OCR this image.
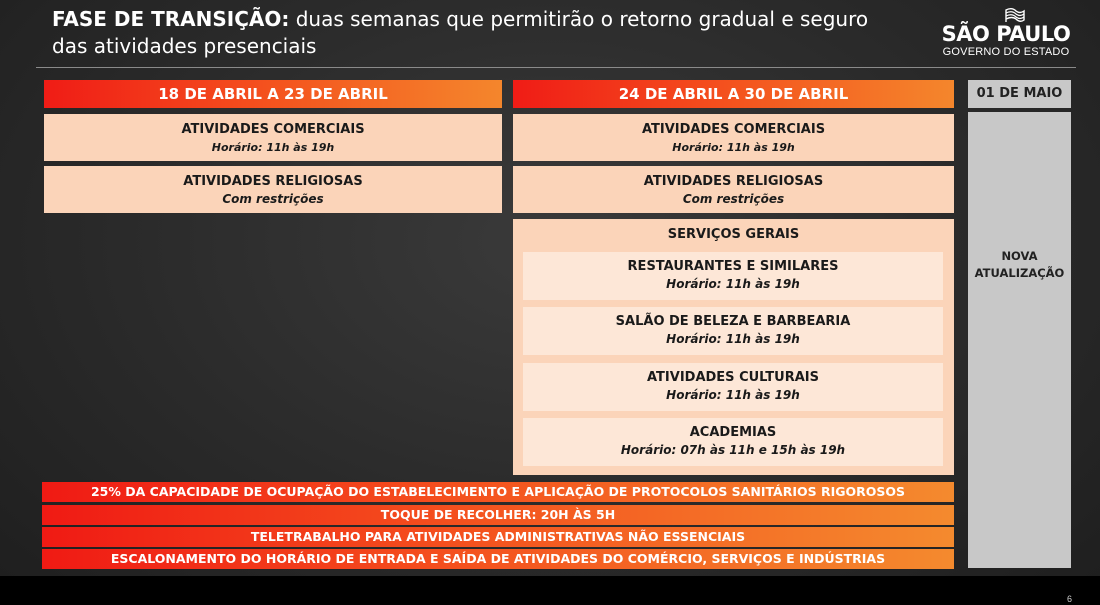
FASE DE TRANSIÇÃO: duas semanas que permitirão o retorno gradual e seguro das atividades presenciais	SÃO PAULO
GOVERNO DO ESTADO
18 DE ABRIL A 23 DE ABRIL
ATIVIDADES COMERCIAIS
Horário: 11h às 19h
ATIVIDADES RELIGIOSAS
Com restrições
24 DE ABRIL A 30 DE ABRIL
ATIVIDADES COMERCIAIS
Horário: 11h às 19h
ATIVIDADES RELIGIOSAS
Com restrições
SERVIÇOS GERAIS
RESTAURANTES E SIMILARES
Horário: 11h às 19h
SALÃO DE BELEZA E BARBEARIA
Horário: 11h às 19h
ATIVIDADES CULTURAIS
Horário: 11h às 19h
ACADEMIAS
Horário: 07h às 11h e 15h às 19h
01 DE MAIO
NOVA
ATUALIZAÇÃO
25% DA CAPACIDADE DE OCUPAÇÃO DO ESTABELECIMENTO E APLICAÇÃO DE PROTOCOLOS SANITÁRIOS RIGOROSOS
TOQUE DE RECOLHER: 20H ÀS 5H
TELETRABALHO PARA ATIVIDADES ADMINISTRATIVAS NÃO ESSENCIAIS
ESCALONAMENTO DO HORÁRIO DE ENTRADA E SAÍDA DE ATIVIDADES DO COMÉRCIO, SERVIÇOS E INDÚSTRIAS
6
